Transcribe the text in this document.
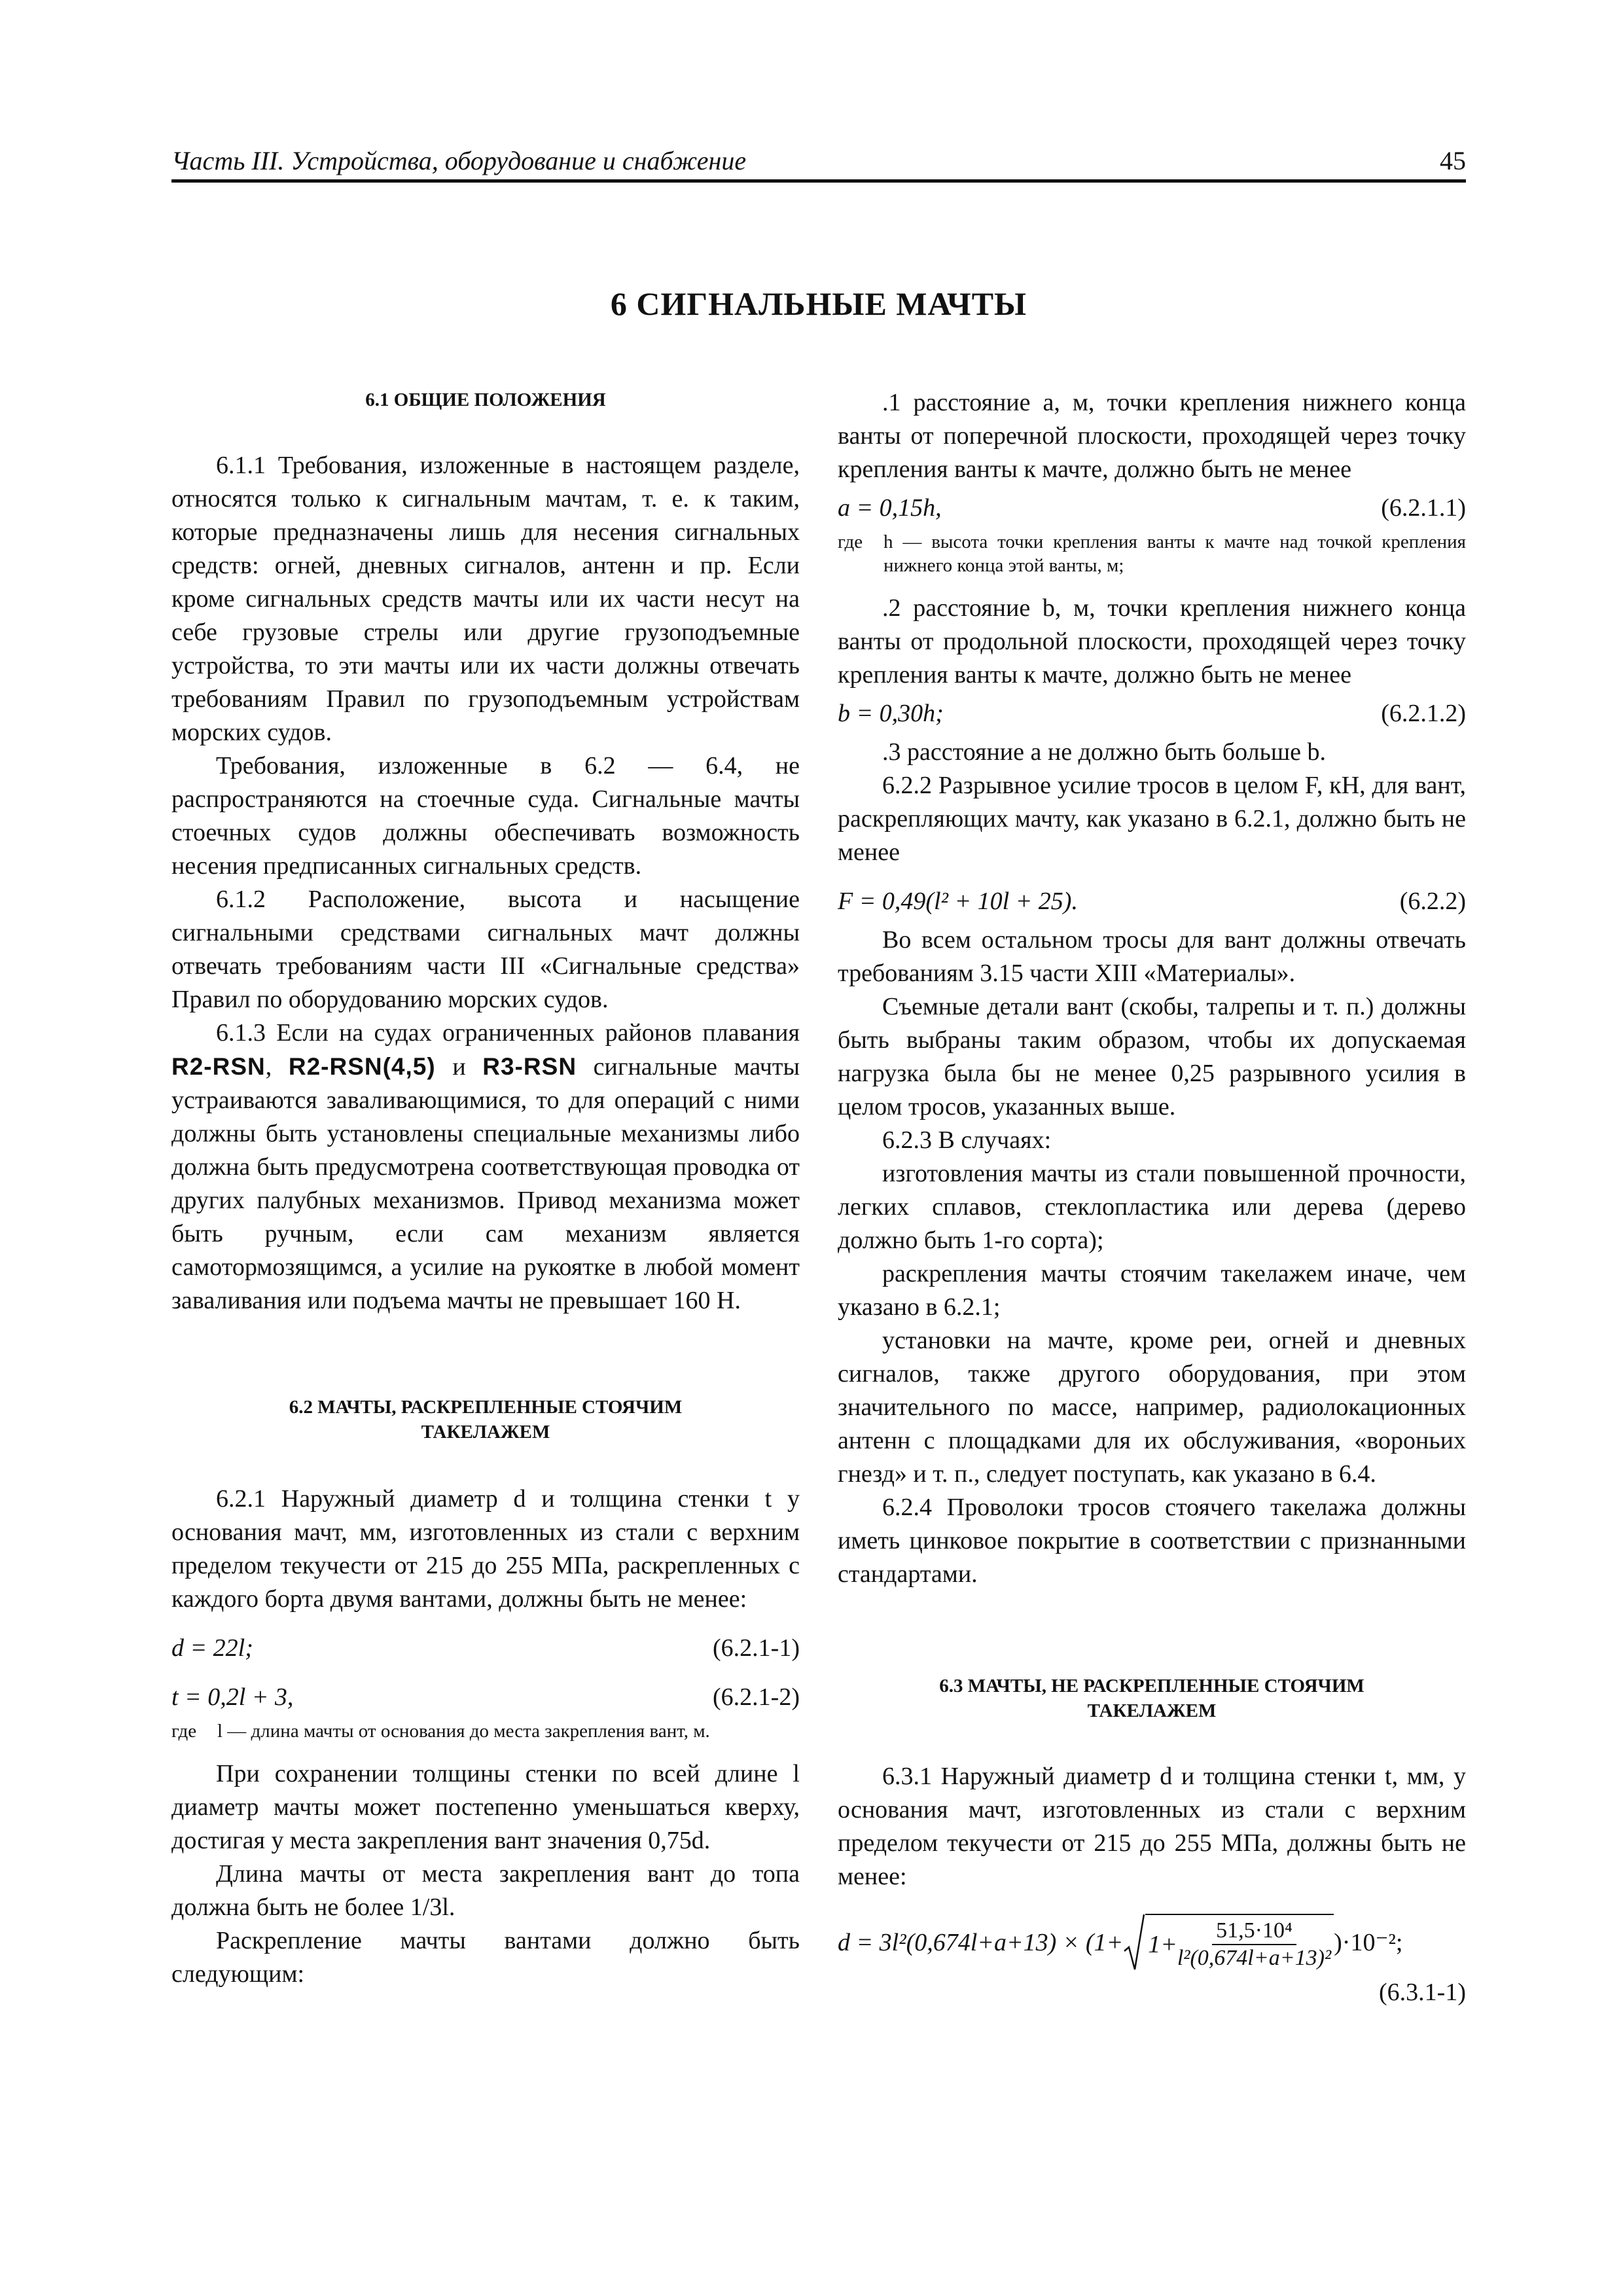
Часть III. Устройства, оборудование и снабжение	45
6 СИГНАЛЬНЫЕ МАЧТЫ
6.1 ОБЩИЕ ПОЛОЖЕНИЯ

6.1.1 Требования, изложенные в настоящем разделе, относятся только к сигнальным мачтам, т. е. к таким, которые предназначены лишь для несения сигнальных средств: огней, дневных сигналов, антенн и пр. Если кроме сигнальных средств мачты или их части несут на себе грузовые стрелы или другие грузоподъемные устройства, то эти мачты или их части должны отвечать требованиям Правил по грузоподъемным устройствам морских судов.

Требования, изложенные в 6.2 — 6.4, не распространяются на стоечные суда. Сигнальные мачты стоечных судов должны обеспечивать возможность несения предписанных сигнальных средств.

6.1.2 Расположение, высота и насыщение сигнальными средствами сигнальных мачт должны отвечать требованиям части III «Сигнальные средства» Правил по оборудованию морских судов.

6.1.3 Если на судах ограниченных районов плавания R2-RSN, R2-RSN(4,5) и R3-RSN сигнальные мачты устраиваются заваливающимися, то для операций с ними должны быть установлены специальные механизмы либо должна быть предусмотрена соответствующая проводка от других палубных механизмов. Привод механизма может быть ручным, если сам механизм является самотормозящимся, а усилие на рукоятке в любой момент заваливания или подъема мачты не превышает 160 Н.

6.2 МАЧТЫ, РАСКРЕПЛЕННЫЕ СТОЯЧИМ
ТАКЕЛАЖЕМ

6.2.1 Наружный диаметр d и толщина стенки t у основания мачт, мм, изготовленных из стали с верхним пределом текучести от 215 до 255 МПа, раскрепленных с каждого борта двумя вантами, должны быть не менее:

d = 22l;	(6.2.1-1)
t = 0,2l + 3,	(6.2.1-2)
где	l — длина мачты от основания до места закрепления вант, м.

При сохранении толщины стенки по всей длине l диаметр мачты может постепенно уменьшаться кверху, достигая у места закрепления вант значения 0,75d.

Длина мачты от места закрепления вант до топа должна быть не более 1/3l.

Раскрепление мачты вантами должно быть следующим:

.1 расстояние a, м, точки крепления нижнего конца ванты от поперечной плоскости, проходящей через точку крепления ванты к мачте, должно быть не менее

a = 0,15h,	(6.2.1.1)
где	h — высота точки крепления ванты к мачте над точкой крепления нижнего конца этой ванты, м;

.2 расстояние b, м, точки крепления нижнего конца ванты от продольной плоскости, проходящей через точку крепления ванты к мачте, должно быть не менее

b = 0,30h;	(6.2.1.2)

.3 расстояние a не должно быть больше b.

6.2.2 Разрывное усилие тросов в целом F, кН, для вант, раскрепляющих мачту, как указано в 6.2.1, должно быть не менее

F = 0,49(l² + 10l + 25).	(6.2.2)

Во всем остальном тросы для вант должны отвечать требованиям 3.15 части XIII «Материалы».

Съемные детали вант (скобы, талрепы и т. п.) должны быть выбраны таким образом, чтобы их допускаемая нагрузка была бы не менее 0,25 разрывного усилия в целом тросов, указанных выше.

6.2.3 В случаях:

изготовления мачты из стали повышенной прочности, легких сплавов, стеклопластика или дерева (дерево должно быть 1-го сорта);

раскрепления мачты стоячим такелажем иначе, чем указано в 6.2.1;

установки на мачте, кроме реи, огней и дневных сигналов, также другого оборудования, при этом значительного по массе, например, радиолокационных антенн с площадками для их обслуживания, «вороньих гнезд» и т. п., следует поступать, как указано в 6.4.

6.2.4 Проволоки тросов стоячего такелажа должны иметь цинковое покрытие в соответствии с признанными стандартами.

6.3 МАЧТЫ, НЕ РАСКРЕПЛЕННЫЕ СТОЯЧИМ
ТАКЕЛАЖЕМ

6.3.1 Наружный диаметр d и толщина стенки t, мм, у основания мачт, изготовленных из стали с верхним пределом текучести от 215 до 255 МПа, должны быть не менее:

$d = 3l^2(0,674l+a+13) \times (1+ 1+ \frac{\text{51,5·10⁴}}{\text{l²(0,674l+a+13)²}} )\cdot 10^{-2}$;
(6.3.1-1)
